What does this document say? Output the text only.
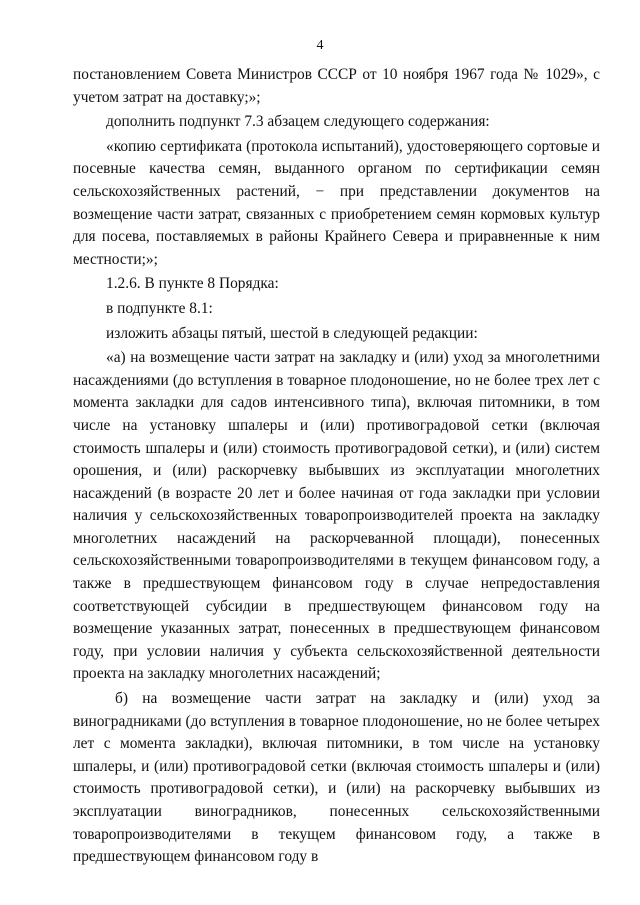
4

постановлением Совета Министров СССР от 10 ноября 1967 года № 1029», с учетом затрат на доставку;»;

дополнить подпункт 7.3 абзацем следующего содержания:

«копию сертификата (протокола испытаний), удостоверяющего сортовые и посевные качества семян, выданного органом по сертификации семян сельскохозяйственных растений, − при представлении документов на возмещение части затрат, связанных с приобретением семян кормовых культур для посева, поставляемых в районы Крайнего Севера и приравненные к ним местности;»;

1.2.6. В пункте 8 Порядка:

в подпункте 8.1:

изложить абзацы пятый, шестой в следующей редакции:

«а) на возмещение части затрат на закладку и (или) уход за многолетними насаждениями (до вступления в товарное плодоношение, но не более трех лет с момента закладки для садов интенсивного типа), включая питомники, в том числе на установку шпалеры и (или) противоградовой сетки (включая стоимость шпалеры и (или) стоимость противоградовой сетки), и (или) систем орошения, и (или) раскорчевку выбывших из эксплуатации многолетних насаждений (в возрасте 20 лет и более начиная от года закладки при условии наличия у сельскохозяйственных товаропроизводителей проекта на закладку многолетних насаждений на раскорчеванной площади), понесенных сельскохозяйственными товаропроизводителями в текущем финансовом году, а также в предшествующем финансовом году в случае непредоставления соответствующей субсидии в предшествующем финансовом году на возмещение указанных затрат, понесенных в предшествующем финансовом году, при условии наличия у субъекта сельскохозяйственной деятельности проекта на закладку многолетних насаждений;

б) на возмещение части затрат на закладку и (или) уход за виноградниками (до вступления в товарное плодоношение, но не более четырех лет с момента закладки), включая питомники, в том числе на установку шпалеры, и (или) противоградовой сетки (включая стоимость шпалеры и (или) стоимость противоградовой сетки), и (или) на раскорчевку выбывших из эксплуатации виноградников, понесенных сельскохозяйственными товаропроизводителями в текущем финансовом году, а также в предшествующем финансовом году в
